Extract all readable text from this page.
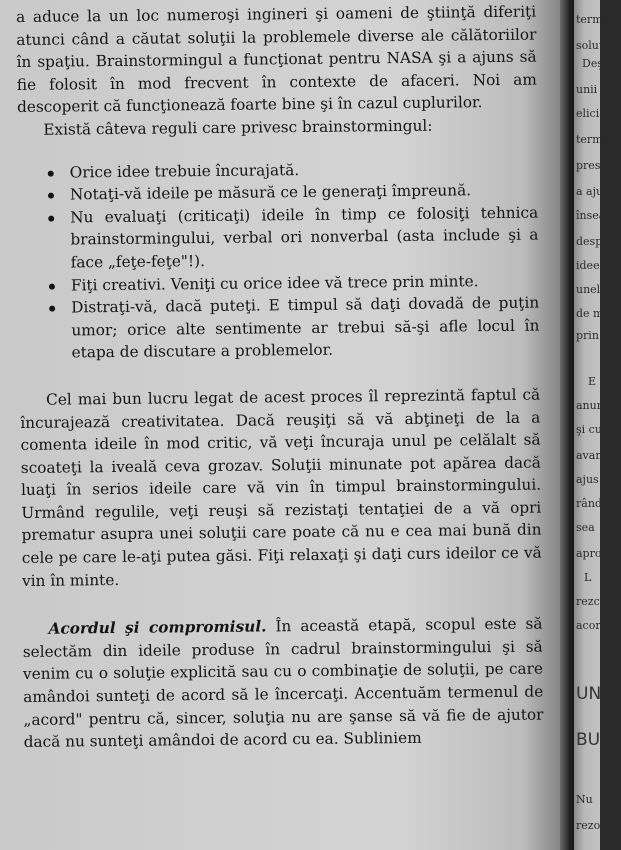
a aduce la un loc numeroşi ingineri şi oameni de ştiinţă diferiţi atunci când a căutat soluţii la problemele diverse ale călătoriilor în spaţiu. Brainstormingul a funcţionat pentru NASA şi a ajuns să fie folosit în mod frecvent în contexte de afaceri. Noi am descoperit că funcţionează foarte bine şi în cazul cuplurilor.

Există câteva reguli care privesc brainstormingul:

Orice idee trebuie încurajată.
Notaţi-vă ideile pe măsură ce le generaţi împreună.
Nu evaluaţi (criticaţi) ideile în timp ce folosiţi tehnica brainstormingului, verbal ori nonverbal (asta include şi a face „feţe-feţe"!).
Fiţi creativi. Veniţi cu orice idee vă trece prin minte.
Distraţi-vă, dacă puteţi. E timpul să daţi dovadă de puţin umor; orice alte sentimente ar trebui să-şi afle locul în etapa de discutare a problemelor.

Cel mai bun lucru legat de acest proces îl reprezintă faptul că încurajează creativitatea. Dacă reuşiţi să vă abţineţi de la a comenta ideile în mod critic, vă veţi încuraja unul pe celălalt să scoateţi la iveală ceva grozav. Soluţii minunate pot apărea dacă luaţi în serios ideile care vă vin în timpul brainstormingului. Urmând regulile, veţi reuşi să rezistaţi tentaţiei de a vă opri prematur asupra unei soluţii care poate că nu e cea mai bună din cele pe care le-aţi putea găsi. Fiţi relaxaţi şi daţi curs ideilor ce vă vin în minte.

Acordul şi compromisul. În această etapă, scopul este să selectăm din ideile produse în cadrul brainstormingului şi să venim cu o soluţie explicită sau cu o combinaţie de soluţii, pe care amândoi sunteţi de acord să le încercaţi. Accentuăm termenul de „acord" pentru că, sincer, soluţia nu are şanse să vă fie de ajutor dacă nu sunteţi amândoi de acord cu ea. Subliniem

termen
soluţia.
Deş
unii oa
eliciar a
termen
presup
a ajun
însear
despr
ideea
unele
de m
prin
E
anum
şi cu
avan
ajus
rând
sea
apro
L
rezc
acor
UN
BU
Nu
rezo
